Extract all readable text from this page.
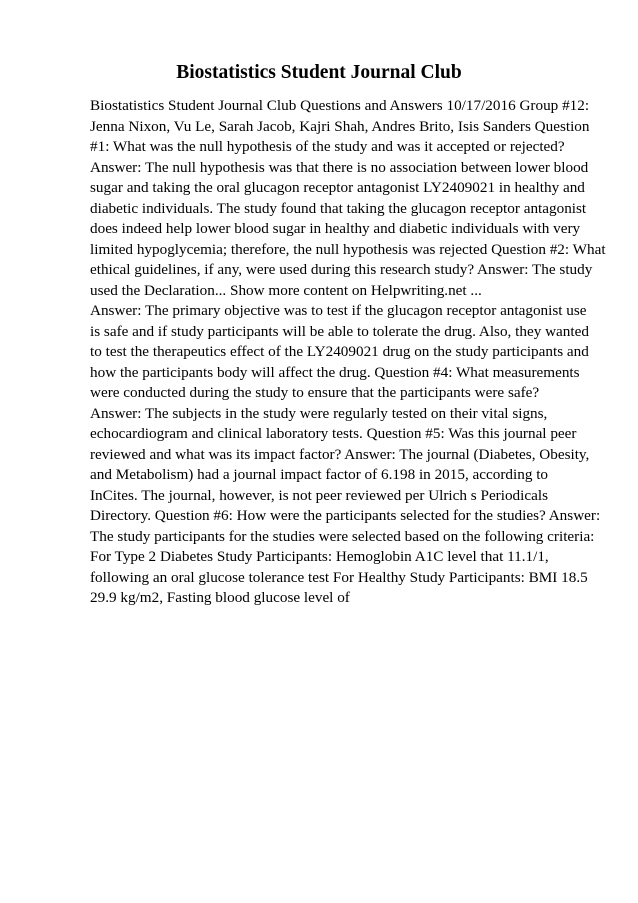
Biostatistics Student Journal Club
Biostatistics Student Journal Club Questions and Answers 10/17/2016 Group #12:
Jenna Nixon, Vu Le, Sarah Jacob, Kajri Shah, Andres Brito, Isis Sanders Question
#1: What was the null hypothesis of the study and was it accepted or rejected?
Answer: The null hypothesis was that there is no association between lower blood
sugar and taking the oral glucagon receptor antagonist LY2409021 in healthy and
diabetic individuals. The study found that taking the glucagon receptor antagonist
does indeed help lower blood sugar in healthy and diabetic individuals with very
limited hypoglycemia; therefore, the null hypothesis was rejected Question #2: What
ethical guidelines, if any, were used during this research study? Answer: The study
used the Declaration... Show more content on Helpwriting.net ...
Answer: The primary objective was to test if the glucagon receptor antagonist use
is safe and if study participants will be able to tolerate the drug. Also, they wanted
to test the therapeutics effect of the LY2409021 drug on the study participants and
how the participants body will affect the drug. Question #4: What measurements
were conducted during the study to ensure that the participants were safe?
Answer: The subjects in the study were regularly tested on their vital signs,
echocardiogram and clinical laboratory tests. Question #5: Was this journal peer
reviewed and what was its impact factor? Answer: The journal (Diabetes, Obesity,
and Metabolism) had a journal impact factor of 6.198 in 2015, according to
InCites. The journal, however, is not peer reviewed per Ulrich s Periodicals
Directory. Question #6: How were the participants selected for the studies? Answer:
The study participants for the studies were selected based on the following criteria:
For Type 2 Diabetes Study Participants: Hemoglobin A1C level that 11.1/1,
following an oral glucose tolerance test For Healthy Study Participants: BMI 18.5
29.9 kg/m2, Fasting blood glucose level of
